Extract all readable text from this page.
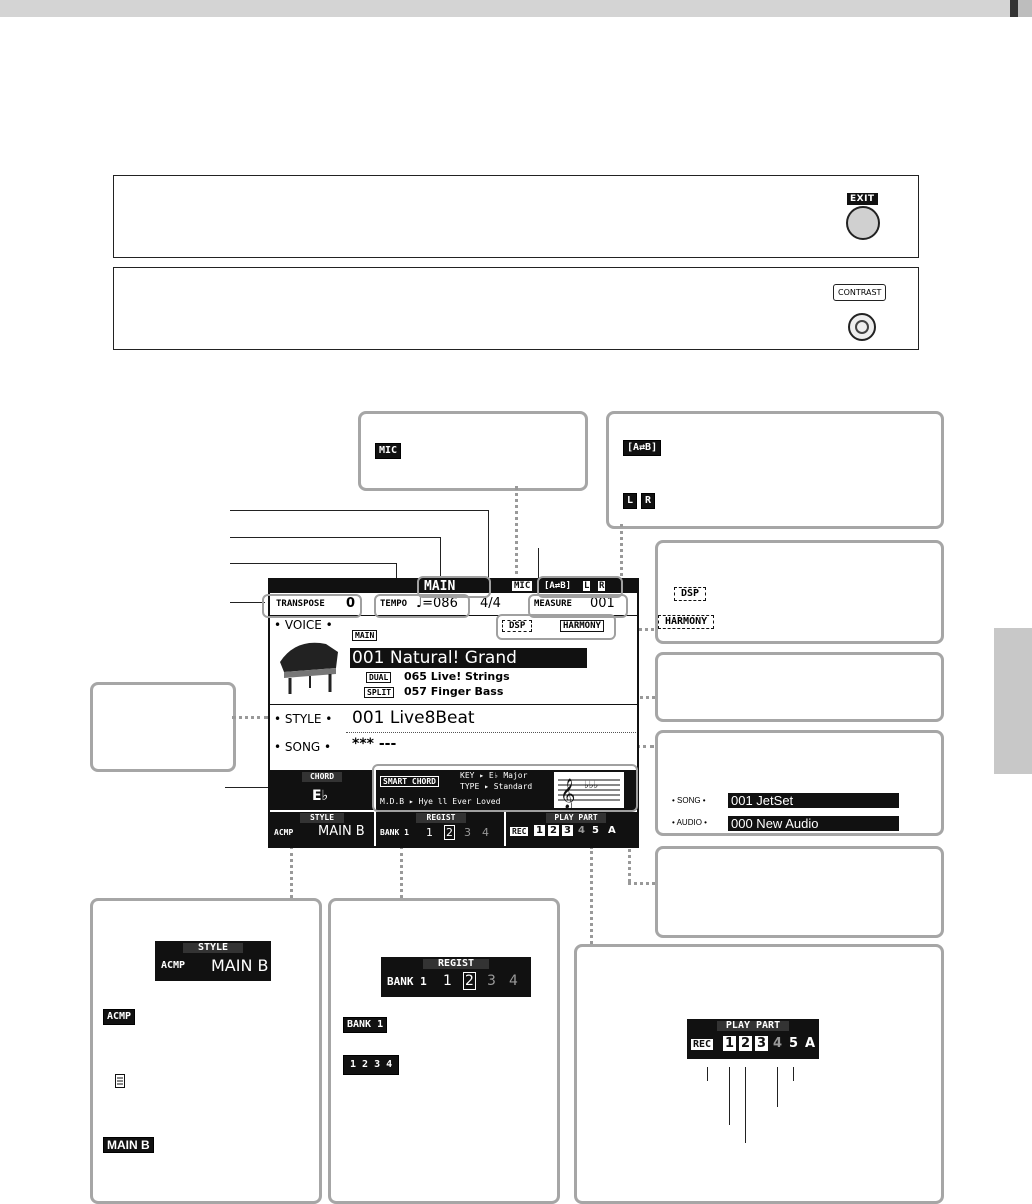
EXIT
CONTRAST
MIC	[A⇄B]
L	R
DSP
HARMONY
• SONG • 001 JetSet
• AUDIO • 000 New Audio
MAIN	MIC [A⇄B] L R
TRANSPOSE 0	TEMPO ♩=086 4/4	MEASURE 001
• VOICE •
MAIN
DSP	HARMONY
001 Natural! Grand
DUAL 065 Live! Strings
SPLIT 057 Finger Bass
• STYLE • 001 Live8Beat
• SONG • *** ---
CHORD
E♭
SMART CHORD
KEY ▸ E♭ Major
TYPE ▸ Standard
M.D.B ▸ Hye ll Ever Loved 𝄞 ♭♭♭
STYLE
ACMP MAIN B
REGIST
BANK 1 1 2 3 4
PLAY PART
REC 1 2 3 4 5 A
STYLE
ACMP MAIN B
ACMP
MAIN B
REGIST
BANK 1 1 2 3 4
BANK 1
1 2 3 4
PLAY PART
REC 1 2 3 4 5 A
